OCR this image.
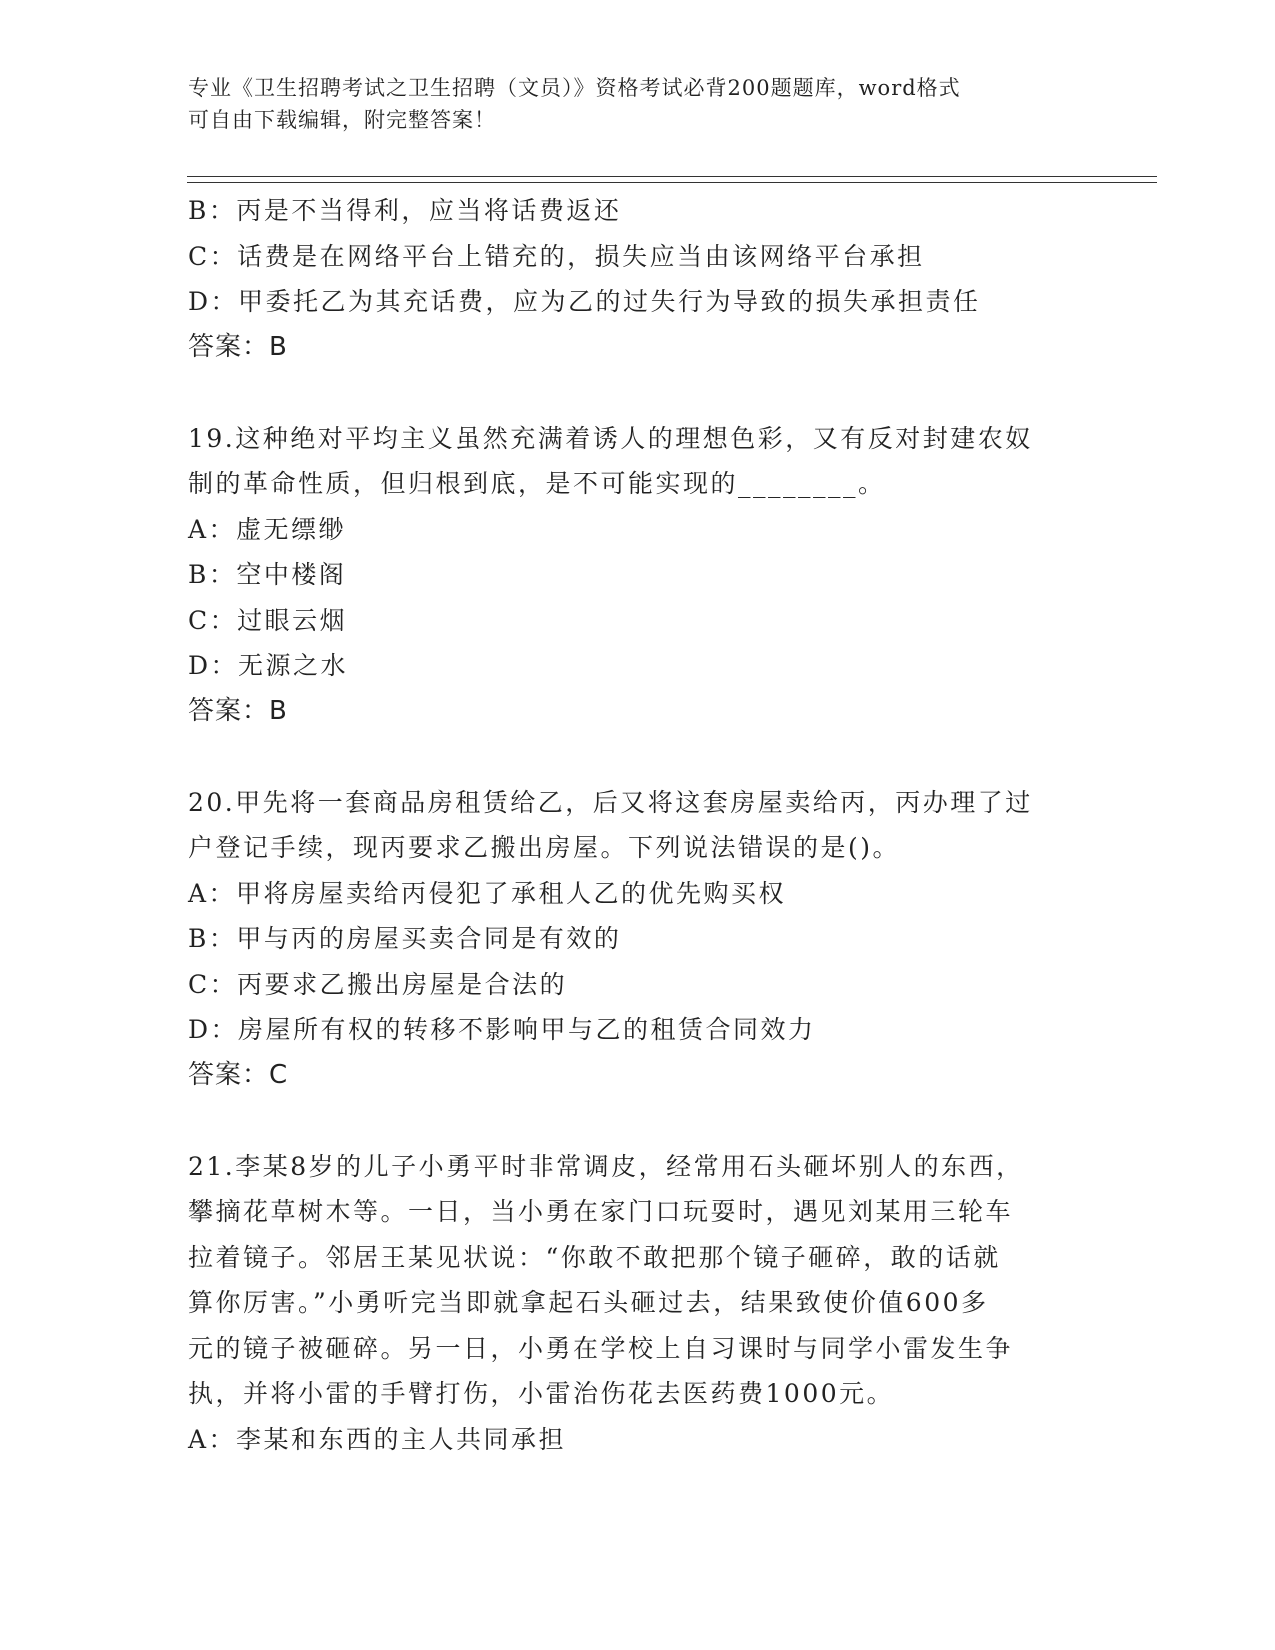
专业《卫生招聘考试之卫生招聘（文员）》资格考试必背200题题库，word格式
可自由下载编辑，附完整答案！
B：丙是不当得利，应当将话费返还
C：话费是在网络平台上错充的，损失应当由该网络平台承担
D：甲委托乙为其充话费，应为乙的过失行为导致的损失承担责任
答案：B
19.这种绝对平均主义虽然充满着诱人的理想色彩，又有反对封建农奴
制的革命性质，但归根到底，是不可能实现的________。
A：虚无缥缈
B：空中楼阁
C：过眼云烟
D：无源之水
答案：B
20.甲先将一套商品房租赁给乙，后又将这套房屋卖给丙，丙办理了过
户登记手续，现丙要求乙搬出房屋。下列说法错误的是()。
A：甲将房屋卖给丙侵犯了承租人乙的优先购买权
B：甲与丙的房屋买卖合同是有效的
C：丙要求乙搬出房屋是合法的
D：房屋所有权的转移不影响甲与乙的租赁合同效力
答案：C
21.李某8岁的儿子小勇平时非常调皮，经常用石头砸坏别人的东西，
攀摘花草树木等。一日，当小勇在家门口玩耍时，遇见刘某用三轮车
拉着镜子。邻居王某见状说：“你敢不敢把那个镜子砸碎，敢的话就
算你厉害。”小勇听完当即就拿起石头砸过去，结果致使价值600多
元的镜子被砸碎。另一日，小勇在学校上自习课时与同学小雷发生争
执，并将小雷的手臂打伤，小雷治伤花去医药费1000元。
A：李某和东西的主人共同承担
